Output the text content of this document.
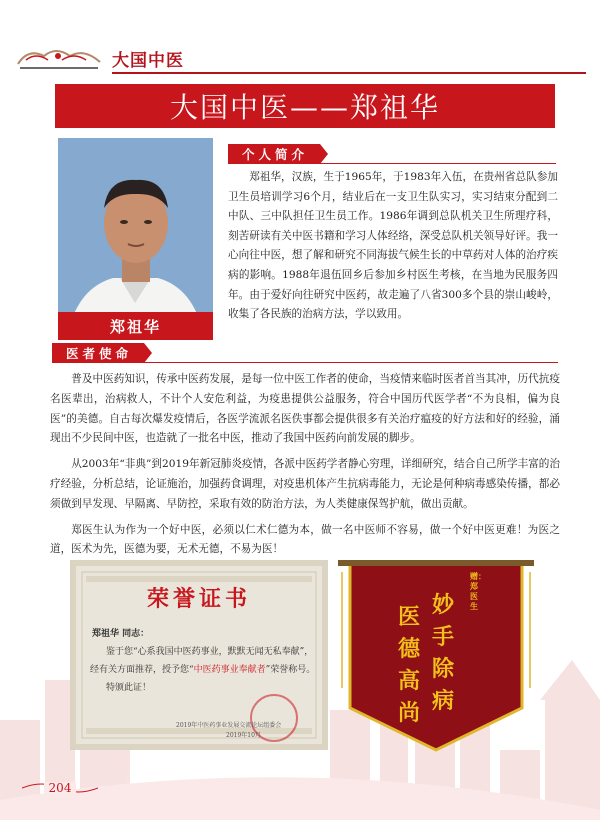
大国中医
大国中医——郑祖华
郑祖华
个人简介
郑祖华，汉族，生于1965年，于1983年入伍，在贵州省总队参加卫生员培训学习6个月，结业后在一支卫生队实习，实习结束分配到二中队、三中队担任卫生员工作。1986年调到总队机关卫生所理疗科，刻苦研读有关中医书籍和学习人体经络，深受总队机关领导好评。我一心向往中医，想了解和研究不同海拔气候生长的中草药对人体的治疗疾病的影响。1988年退伍回乡后参加乡村医生考核，在当地为民服务四年。由于爱好向往研究中医药，故走遍了八省300多个县的崇山峻岭，收集了各民族的治病方法，学以致用。
医者使命

普及中医药知识，传承中医药发展，是每一位中医工作者的使命，当疫情来临时医者首当其冲，历代抗疫名医辈出，治病救人，不计个人安危利益，为疫患提供公益服务，符合中国历代医学者“不为良相，偏为良医”的美德。自古每次爆发疫情后，各医学流派名医佚事都会提供很多有关治疗瘟疫的好方法和好的经验，涌现出不少民间中医，也造就了一批名中医，推动了我国中医药向前发展的脚步。

从2003年“非典”到2019年新冠肺炎疫情，各派中医药学者静心穷理，详细研究，结合自己所学丰富的治疗经验，分析总结，论证施治，加强药食调理，对疫患机体产生抗病毒能力，无论是何种病毒感染传播，都必须做到早发现、早隔离、早防控，采取有效的防治方法，为人类健康保驾护航，做出贡献。

郑医生认为作为一个好中医，必须以仁术仁德为本，做一名中医师不容易，做一个好中医更难！为医之道，医术为先，医德为要，无术无德，不易为医！

荣誉证书
郑祖华 同志：
鉴于您“心系我国中医药事业，默默无闻无私奉献”，
经有关方面推荐，授予您“中医药事业奉献者”荣誉称号。
特颁此证！
2019年中医药事业发展交流论坛组委会
2019年10月
赠：郑医生
妙
手
除
病
医
德
高
尚
204
